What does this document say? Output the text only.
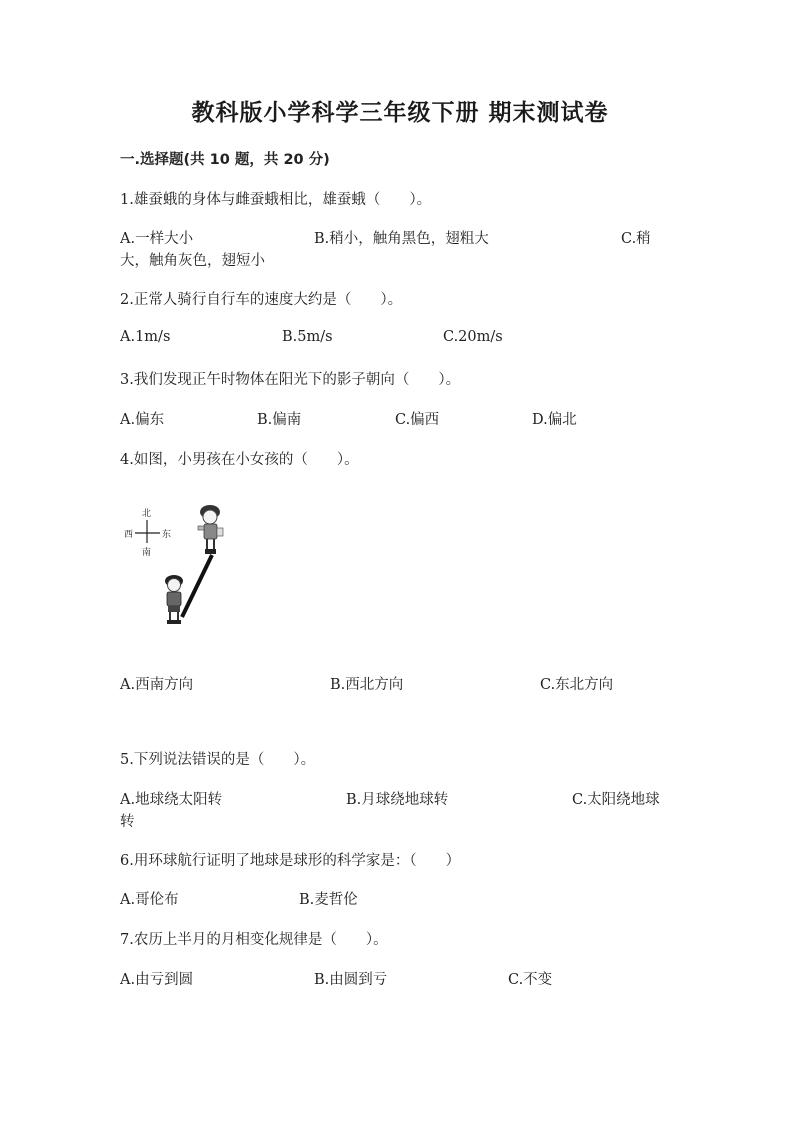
教科版小学科学三年级下册 期末测试卷
一.选择题(共 10 题，共 20 分)
1.雄蚕蛾的身体与雌蚕蛾相比，雄蚕蛾（　　）。
A.一样大小	B.稍小，触角黑色，翅粗大	C.稍
大，触角灰色，翅短小
2.正常人骑行自行车的速度大约是（　　）。
A.1m/s	B.5m/s	C.20m/s
3.我们发现正午时物体在阳光下的影子朝向（　　）。
A.偏东	B.偏南	C.偏西	D.偏北
4.如图，小男孩在小女孩的（　　）。
北
南
西	东
A.西南方向	B.西北方向	C.东北方向
5.下列说法错误的是（　　）。
A.地球绕太阳转	B.月球绕地球转	C.太阳绕地球
转
6.用环球航行证明了地球是球形的科学家是：（　　）
A.哥伦布	B.麦哲伦
7.农历上半月的月相变化规律是（　　）。
A.由亏到圆	B.由圆到亏	C.不变
